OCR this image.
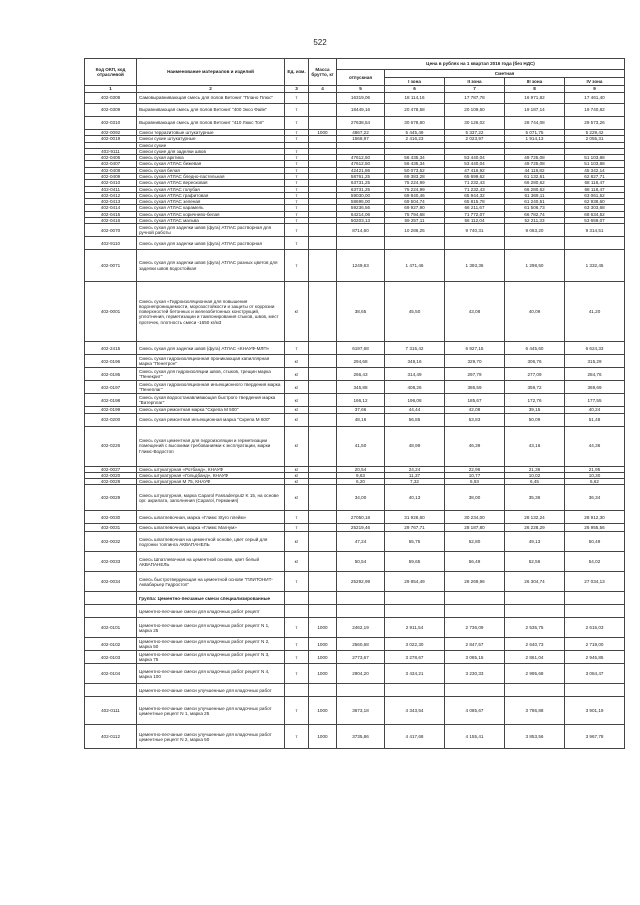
522
Код ОКП, код отраслевой	Наименование материалов и изделий	Ед. изм.	Масса брутто, кг	Цена в рублях на 1 квартал 2016 года (без НДС)				
				отпускная	Сметная			
					I зона	II зона	III зона	IV зона
1	2	3	4	5	6	7	8	9
402-0308	Самовыравнивающая смесь для полов Ветонит "Плано Плюс"	т		16319,06	18 114,16	17 787,78	16 971,82	17 461,40
402-0309	Выравнивающая смесь для полов Ветонит "400 Эксо Файн"	т		18449,16	20 478,58	20 109,60	19 187,14	19 740,82
402-0310	Выравнивающая смесь для полов Ветонит "410 Люкс Топ"	т		27638,54	30 678,80	30 126,02	28 744,08	29 573,26
402-0092	Смеси террazитовые штукатурные	т	1000	4867,22	5 445,49	5 337,22	5 071,75	5 229,42
402-0019	Смеси сухие штукатурные	т		1568,97	2 416,23	2 023,97	1 914,13	2 055,31
	Смеси сухие							
402-9111	Смеси сухие для заделки швов	т						
402-0406	Смесь сухая арктика	т		47612,50	56 435,34	53 440,04	49 725,08	51 103,88
402-0407	Смесь сухая АТЛАС бежевая	т		47612,50	56 435,34	53 440,04	49 725,08	51 103,88
402-0408	Смесь сухая белая	т		42421,86	50 073,52	47 416,92	44 118,82	45 342,14
402-0409	Смесь сухая АТЛАС бледно-пастельная	т		58761,25	69 383,28	65 699,62	61 132,61	62 827,71
402-0410	Смесь сухая АТЛАС вересковая	т		63731,25	75 224,99	71 232,43	66 280,62	68 118,47
402-0411	Смесь сухая АТЛАС голубая	т		63731,25	75 224,99	71 232,43	66 280,62	68 118,47
402-0412	Смесь сухая АТЛАС графитовая	т		59030,00	69 840,46	65 944,32	61 369,11	63 061,52
402-0413	Смесь сухая АТЛАС зеленая	т		58695,00	69 504,74	65 815,78	61 240,51	62 938,60
402-0414	Смесь сухая АТЛАС карамель	т		59236,56	69 927,90	66 211,67	61 506,73	63 303,68
402-0415	Смесь сухая АТЛАС коричнево-белая	т		64214,06	75 794,68	71 772,07	66 782,74	68 634,52
402-0416	Смесь сухая АТЛАС мальва	т		50203,13	59 257,11	56 112,04	52 211,33	53 659,07
402-0070	Смесь сухая для заделки швов (фуга) АТЛАС растворная для ручной работы	т		8714,60	10 286,25	9 740,31	9 063,20	9 314,51
402-9110	Смесь сухая для заделки швов (фуга) АТЛАС растворная	т						
402-0071	Смесь сухая для заделки швов (фуга) АТЛАС разных цветов для заделки швов водостойкая	т		1249,63	1 471,46	1 393,36	1 298,50	1 332,45
402-0001	Смесь сухая «Гидроизоляционная для повышения водонепроницаемости, морозостойкости и защиты от коррозии поверхностей бетонных и железобетонных конструкций, уплотнения, герметизации и тампонирования стыков, швов, мест протечек, плотность смеси -1650 кг/м3	кг		38,65	45,50	43,08	40,09	41,20
402-2415	Смесь сухая для заделки швов (фуга) АТЛАС «КНАУФ-МЛП»	т		6197,68	7 315,42	6 927,15	6 445,60	6 624,33
402-0196	Смесь сухая гидроизоляционная проникающая капиллярная марка "Пенетрон"	кг		294,68	348,16	329,70	306,76	315,29
402-0195	Смесь сухая для гидроизоляции швов, стыков, трещин марка "Пенекрит"	кг		266,43	314,49	297,79	277,09	284,76
402-0197	Смесь сухая гидроизоляционная инъекционного твердения марка "Пенеплаг"	кг		345,88	408,26	386,59	359,72	369,69
402-0198	Смесь сухая водоостанавливающая быстрого твердения марка "Ватерплаг"	кг		166,12	196,08	185,67	172,76	177,55
402-0199	Смесь сухая ремонтная марка "Скрепа М 500"	кг		37,66	44,44	42,08	39,15	40,24
402-0200	Смесь сухая ремонтная инъекционная марка "Скрепа М 600"	кг		48,16	56,85	53,83	50,09	51,48
402-0226	Смесь сухая цементная для гидроизоляции и герметизации помещений с высокими требованиями к эксплуатации, марки Глимс-Водостоп	кг		41,50	48,99	46,39	43,16	44,36
402-0027	Смесь штукатурная «Ротбанд», КНАУФ	кг		20,54	24,24	22,96	21,36	21,95
402-0020	Смесь штукатурная «Гольдбанд», КНАУФ	кг		9,63	11,37	10,77	10,02	10,30
402-0028	Смесь штукатурная М 75, КНАУФ	кг		6,20	7,32	6,93	6,45	6,62
402-0029	Смесь штукатурная, марка Caparol Fassadenputz K 15, на основе орг. акрилата, заполнения (Caparol, Германия)	кг		34,00	40,13	38,00	35,36	36,34
402-0030	Смесь шпатлевочная, марка «Глимс Styro плейм»	т		27050,18	31 928,60	30 234,00	28 132,24	28 912,30
402-0031	Смесь шпатлевочная, марка «Глимс Магнум»	т		25219,46	29 767,71	28 187,80	26 228,29	26 955,56
402-0032	Смесь шпатлевочная на цементной основе, цвет серый для подгонки топпинга АКВАПАНЕЛЬ	кг		47,24	55,75	52,80	49,13	50,49
402-0033	Смесь Шпатлевочная на цементной основе, цвет белый АКВАПАНЕЛЬ	кг		50,54	59,65	56,49	52,56	54,02
402-0034	Смесь быстротвердеющая на цементной основе "ПЛИТОНИТ-Аквабарьер Гидростоп"	т		25292,99	29 854,49	28 269,96	26 304,74	27 034,13
	Группа: Цементно-песчаные смеси специализированные							
	Цементно-песчаные смеси для кладочных работ рецепт							
402-0101	Цементно-песчаные смеси для кладочных работ рецепт N 1, марка 25	т	1000	2462,19	2 911,54	2 736,09	2 535,75	2 615,03
402-0102	Цементно-песчаные смеси для кладочных работ рецепт N 2, марка 50	т	1000	2560,68	3 022,30	2 847,57	2 640,73	2 719,00
402-0103	Цементно-песчаные смеси для кладочных работ рецепт N 3, марка 75	т	1000	2773,67	3 278,67	3 085,15	2 861,04	2 945,85
402-0104	Цементно-песчаные смеси для кладочных работ рецепт N 4, марка 100	т	1000	2904,20	3 434,21	3 230,33	2 995,68	3 084,47
	Цементно-песчаные смеси улучшенные для кладочных работ							
402-0111	Цементно-песчаные смеси улучшенные для кладочных работ цементные рецепт N 1, марка 25	т	1000	3673,18	4 343,54	4 085,67	3 786,88	3 901,19
402-0112	Цементно-песчаные смеси улучшенные для кладочных работ цементные рецепт N 2, марка 50	т	1000	3735,86	4 417,68	4 155,41	3 853,56	3 967,78
